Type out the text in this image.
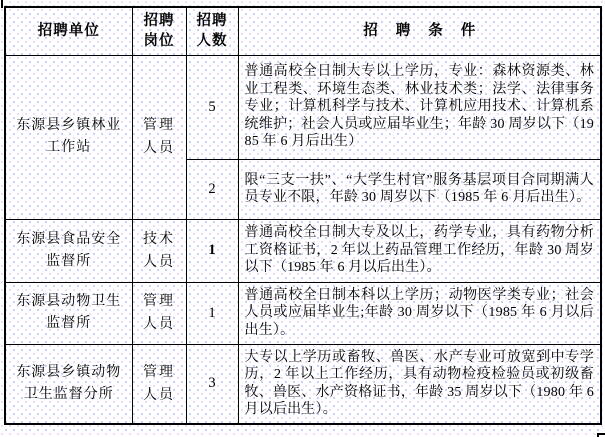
招聘单位	招聘岗位	招聘人数	招聘条件
东源县乡镇林业工作站	管理人员	5	普通高校全日制大专以上学历，专业：森林资源类、林业工程类、环境生态类、林业技术类；法学、法律事务专业；计算机科学与技术、计算机应用技术、计算机系统维护；社会人员或应届毕业生；年龄 30 周岁以下（1985 年 6 月后出生）
		2	限“三支一扶”、“大学生村官”服务基层项目合同期满人员专业不限，年龄 30 周岁以下（1985 年 6 月后出生）。
东源县食品安全监督所	技术人员	1	普通高校全日制大专及以上，药学专业，具有药物分析工资格证书，2 年以上药品管理工作经历，年龄 30 周岁以下（1985 年 6 月以后出生）。
东源县动物卫生监督所	管理人员	1	普通高校全日制本科以上学历；动物医学类专业；社会人员或应届毕业生;年龄 30 周岁以下（1985 年 6 月以后出生）。
东源县乡镇动物卫生监督分所	管理人员	3	大专以上学历或畜牧、兽医、水产专业可放宽到中专学历，2 年以上工作经历，具有动物检疫检验员或初级畜牧、兽医、水产资格证书，年龄 35 周岁以下（1980 年 6 月以后出生）。
